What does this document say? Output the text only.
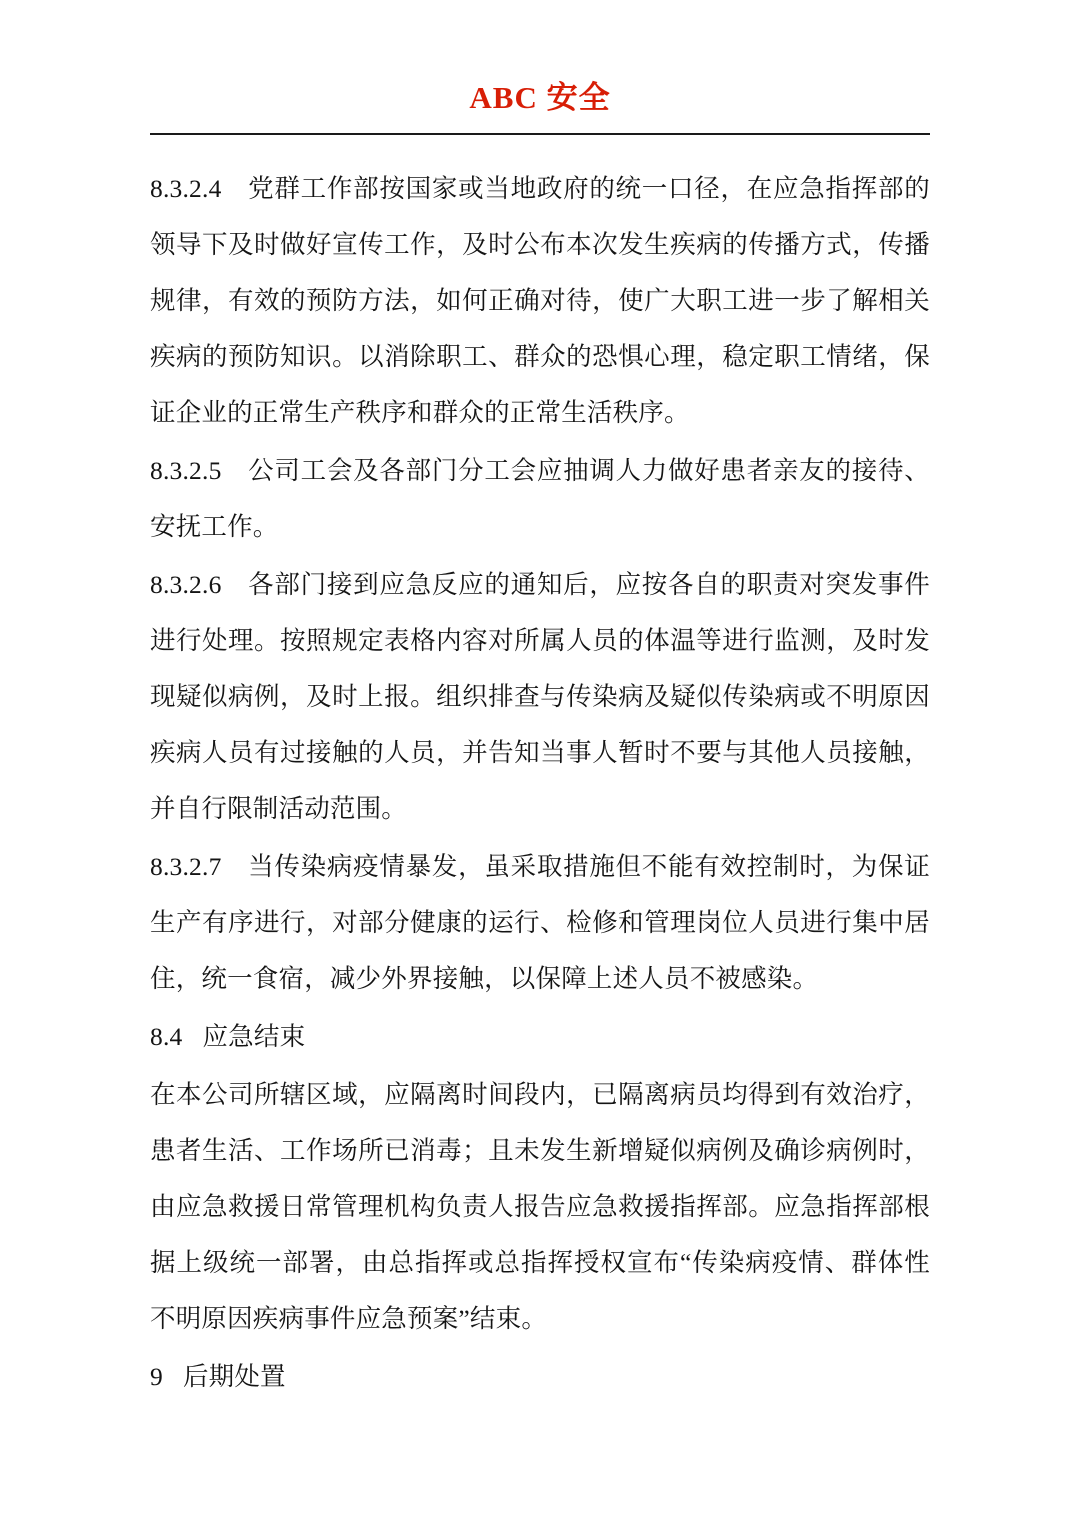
ABC 安全

8.3.2.4 党群工作部按国家或当地政府的统一口径，在应急指挥部的领导下及时做好宣传工作，及时公布本次发生疾病的传播方式，传播规律，有效的预防方法，如何正确对待，使广大职工进一步了解相关疾病的预防知识。以消除职工、群众的恐惧心理，稳定职工情绪，保证企业的正常生产秩序和群众的正常生活秩序。

8.3.2.5 公司工会及各部门分工会应抽调人力做好患者亲友的接待、安抚工作。

8.3.2.6 各部门接到应急反应的通知后，应按各自的职责对突发事件进行处理。按照规定表格内容对所属人员的体温等进行监测，及时发现疑似病例，及时上报。组织排查与传染病及疑似传染病或不明原因疾病人员有过接触的人员，并告知当事人暂时不要与其他人员接触，并自行限制活动范围。

8.3.2.7 当传染病疫情暴发，虽采取措施但不能有效控制时，为保证生产有序进行，对部分健康的运行、检修和管理岗位人员进行集中居住，统一食宿，减少外界接触，以保障上述人员不被感染。

8.4 应急结束

在本公司所辖区域，应隔离时间段内，已隔离病员均得到有效治疗，患者生活、工作场所已消毒；且未发生新增疑似病例及确诊病例时，由应急救援日常管理机构负责人报告应急救援指挥部。应急指挥部根据上级统一部署，由总指挥或总指挥授权宣布“传染病疫情、群体性不明原因疾病事件应急预案”结束。

9 后期处置
